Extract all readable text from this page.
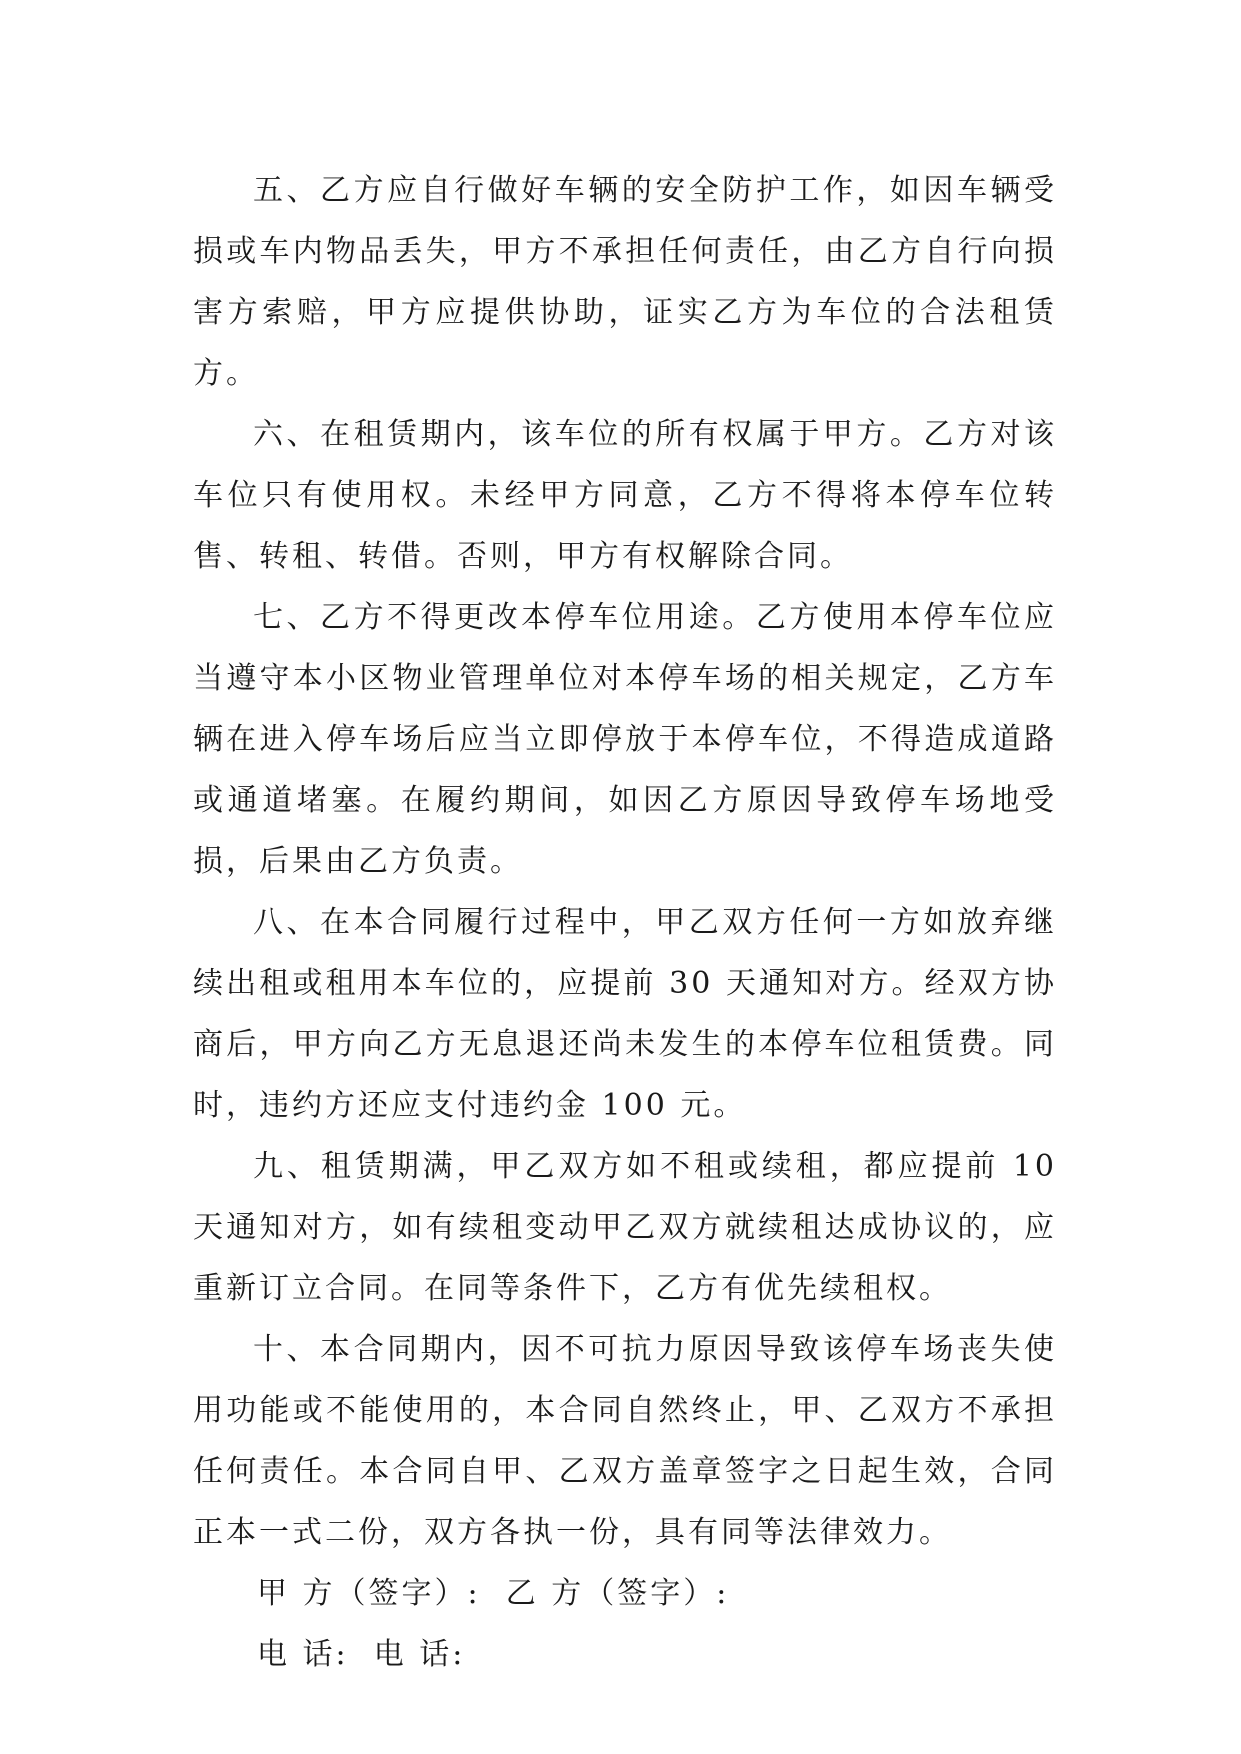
五、乙方应自行做好车辆的安全防护工作，如因车辆受损或车内物品丢失，甲方不承担任何责任，由乙方自行向损害方索赔，甲方应提供协助，证实乙方为车位的合法租赁方。

六、在租赁期内，该车位的所有权属于甲方。乙方对该车位只有使用权。未经甲方同意，乙方不得将本停车位转售、转租、转借。否则，甲方有权解除合同。

七、乙方不得更改本停车位用途。乙方使用本停车位应当遵守本小区物业管理单位对本停车场的相关规定，乙方车辆在进入停车场后应当立即停放于本停车位，不得造成道路或通道堵塞。在履约期间，如因乙方原因导致停车场地受损，后果由乙方负责。

八、在本合同履行过程中，甲乙双方任何一方如放弃继续出租或租用本车位的，应提前 30 天通知对方。经双方协商后，甲方向乙方无息退还尚未发生的本停车位租赁费。同时，违约方还应支付违约金 100 元。

九、租赁期满，甲乙双方如不租或续租，都应提前 10 天通知对方，如有续租变动甲乙双方就续租达成协议的，应重新订立合同。在同等条件下，乙方有优先续租权。

十、本合同期内，因不可抗力原因导致该停车场丧失使用功能或不能使用的，本合同自然终止，甲、乙双方不承担任何责任。本合同自甲、乙双方盖章签字之日起生效，合同正本一式二份，双方各执一份，具有同等法律效力。

甲 方（签字）:  乙 方（签字）:

电 话:  电 话:
